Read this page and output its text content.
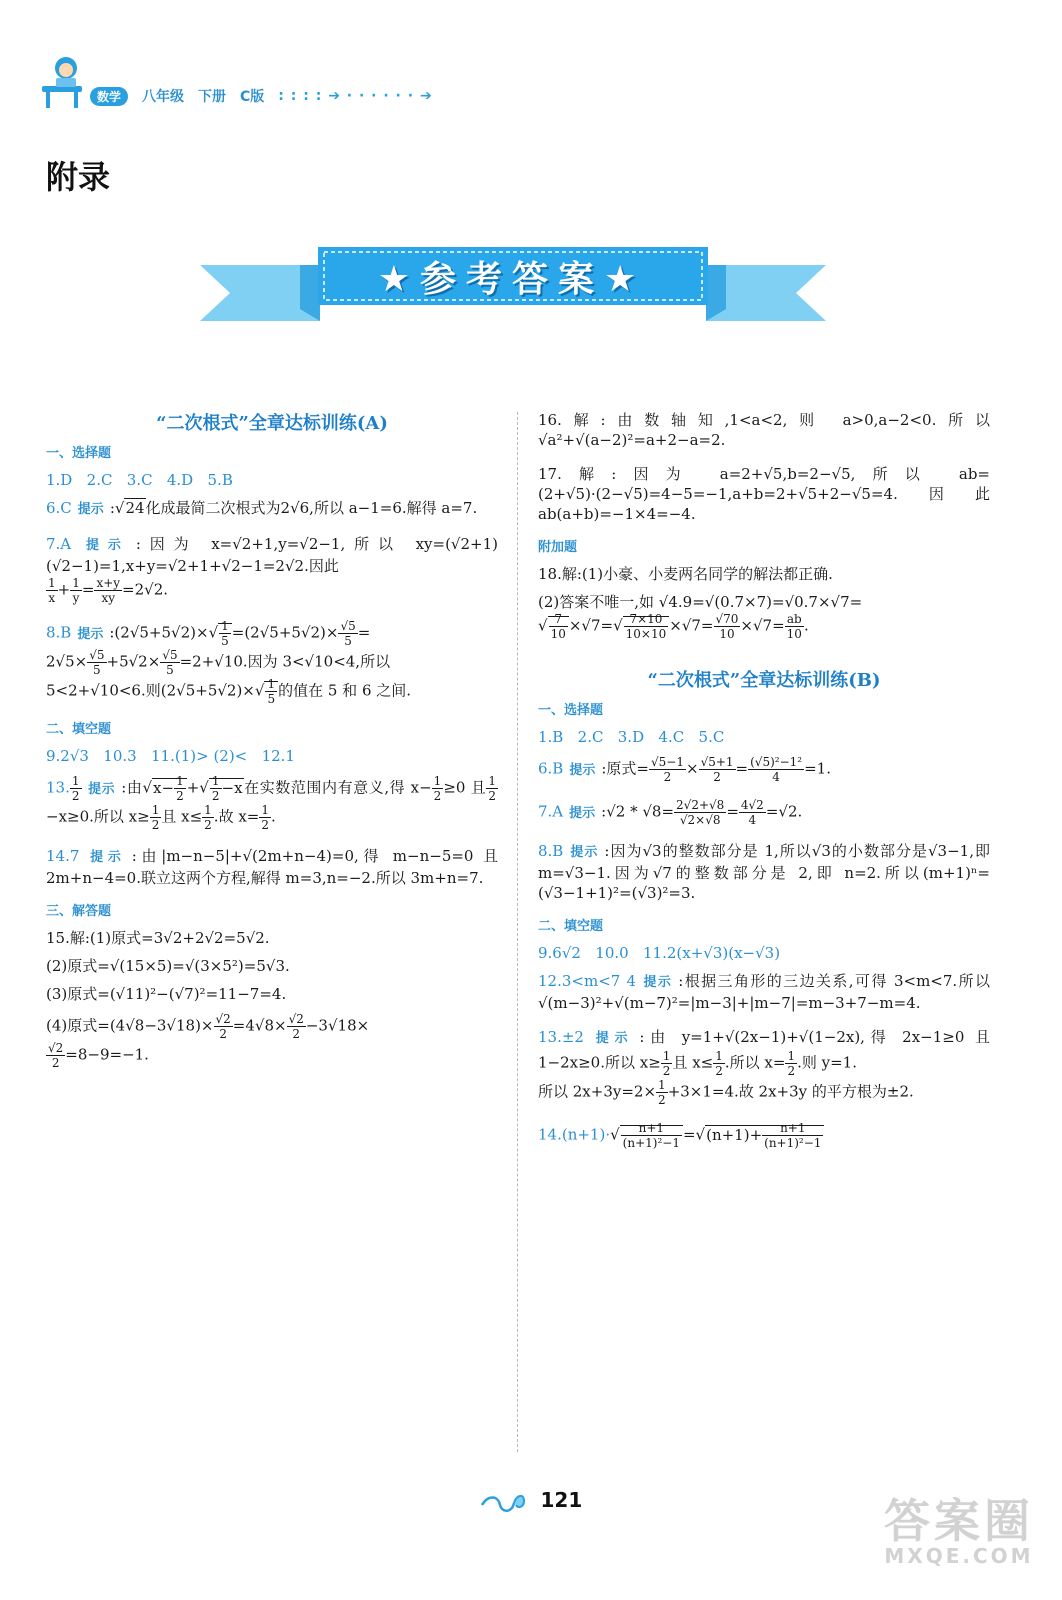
数学	八年级 下册 C版 : : : : ➔ · · · · · · ➔
附录
★参考答案★
“二次根式”全章达标训练(A)
一、选择题
1.D 2.C 3.C 4.D 5.B
6.C 提示 :√24化成最简二次根式为2√6,所以 a−1=6.解得 a=7.
7.A 提示 :因为 x=√2+1,y=√2−1,所以 xy=(√2+1)(√2−1)=1,x+y=√2+1+√2−1=2√2.因此

$\frac{1}{x} + \frac{1}{y} = \frac{x+y}{xy} =2√2$.
8.B 提示 :(2√5+5√2)×√ $\frac{1}{5} =(2√5+5√2)\times \frac{√5}{5}$ =
$2√5\times \frac{√5}{5} +5√2\times \frac{√5}{5} =2+√10$.因为 3<√10<4,所以
5<2+√10<6.则$(2√5+5√2)\times√ \frac{1}{5}$ 的值在 5 和 6 之间.
二、填空题
9.2√3 10.3 11.(1)> (2)< 12.1
13. $\frac{1}{2}$ 提示 :由$√x- \frac{1}{2}$ +√ $\frac{1}{2} -x$在实数范围内有意义,得 $x- \frac{1}{2} \ge 0$ 且 $\frac{1}{2}$
−x≥0.所以 $x\ge \frac{1}{2}$ 且 $x\le \frac{1}{2}$ .故 $x= \frac{1}{2}$ .
14.7 提示 :由|m−n−5|+√(2m+n−4)=0,得 m−n−5=0 且 2m+n−4=0.联立这两个方程,解得 m=3,n=−2.所以 3m+n=7.
三、解答题
15.解:(1)原式=3√2+2√2=5√2.
(2)原式=√(15×5)=√(3×5²)=5√3.
(3)原式=(√11)²−(√7)²=11−7=4.
(4)原式$=(4√8-3√18)\times \frac{√2}{2} =4√8\times \frac{√2}{2} -3√18\times$

$\frac{√2}{2} =8-9=-1$.
16.解:由数轴知,1<a<2,则 a>0,a−2<0.所以 √a²+√(a−2)²=a+2−a=2.
17.解:因为 a=2+√5,b=2−√5,所以 ab=(2+√5)·(2−√5)=4−5=−1,a+b=2+√5+2−√5=4.因此 ab(a+b)=−1×4=−4.
附加题
18.解:(1)小豪、小麦两名同学的解法都正确.
(2)答案不唯一,如 √4.9=√(0.7×7)=√0.7×√7=
√ $\frac{7}{10} \times√7=√ \frac{7\times 10}{10\times 10} \times√7= \frac{√70}{10} \times√7= \frac{ab}{10}$ .
“二次根式”全章达标训练(B)
一、选择题
1.B 2.C 3.D 4.C 5.C
6.B 提示 :原式= $\frac{√5-1}{2} \times \frac{√5+1}{2} = \frac{\text{(√5)²−1²}}{4} =1$.
7.A 提示 :√2 * $√8= \frac{2√2+√8}{√2\times√8} = \frac{4√2}{4} =√2$.
8.B 提示 :因为√3的整数部分是 1,所以√3的小数部分是√3−1,即 m=√3−1.因为√7的整数部分是 2,即 n=2.所以(m+1)ⁿ=(√3−1+1)²=(√3)²=3.
二、填空题
9.6√2 10.0 11.2(x+√3)(x−√3)
12.3<m<7 4 提示 :根据三角形的三边关系,可得 3<m<7.所以 √(m−3)²+√(m−7)²=|m−3|+|m−7|=m−3+7−m=4.
13.±2 提示 :由 y=1+√(2x−1)+√(1−2x),得 2x−1≥0 且 1−2x≥0.所以 $x\ge \frac{1}{2}$ 且 $x\le \frac{1}{2}$ .所以 $x= \frac{1}{2}$ .则 y=1.
所以 $2x+3y=2\times \frac{1}{2} +3\times 1=4$.故 2x+3y 的平方根为±2.
$14.(n+1)\cdot√ \frac{n+1}{\text{(n+1)²−1}} =√(n+1)+ \frac{n+1}{\text{(n+1)²−1}}$
121	答案圈
MXQE.COM
